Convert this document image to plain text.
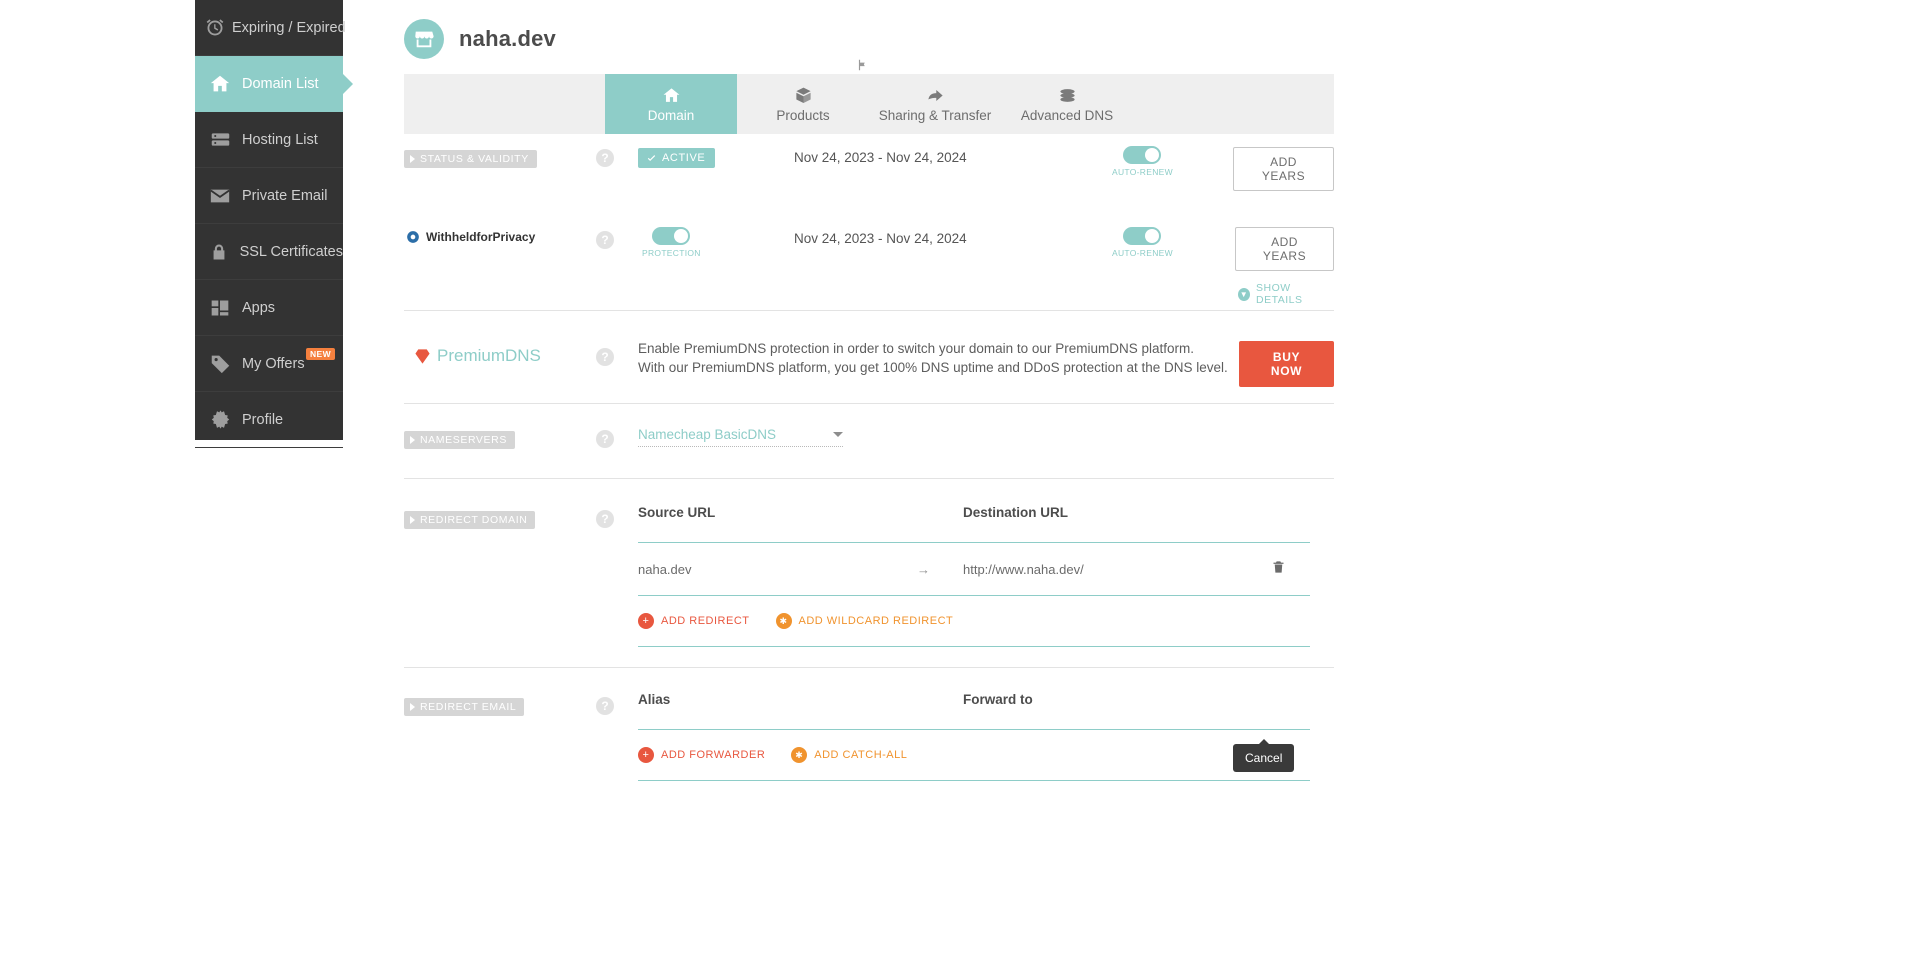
Expiring / Expired
Domain List
Hosting List
Private Email
SSL Certificates
Apps
My Offers
NEW
Profile
naha.dev
Domain	Products	Sharing & Transfer Advanced DNS
STATUS & VALIDITY	?	ACTIVE	Nov 24, 2023 - Nov 24, 2024
AUTO-RENEW
ADD YEARS
WithheldforPrivacy	?
PROTECTION
Nov 24, 2023 - Nov 24, 2024
AUTO-RENEW
ADD YEARS
▼ SHOW DETAILS
PremiumDNS	?
Enable PremiumDNS protection in order to switch your domain to our PremiumDNS platform.
With our PremiumDNS platform, you get 100% DNS uptime and DDoS protection at the DNS level.
BUY NOW
NAMESERVERS	?	Namecheap BasicDNS
REDIRECT DOMAIN	?	Source URL	Destination URL
naha.dev	→	http://www.naha.dev/
+	ADD REDIRECT	✱ ADD WILDCARD REDIRECT
REDIRECT EMAIL	?	Alias	Forward to
+	ADD FORWARDER	✱ ADD CATCH-ALL	Cancel
